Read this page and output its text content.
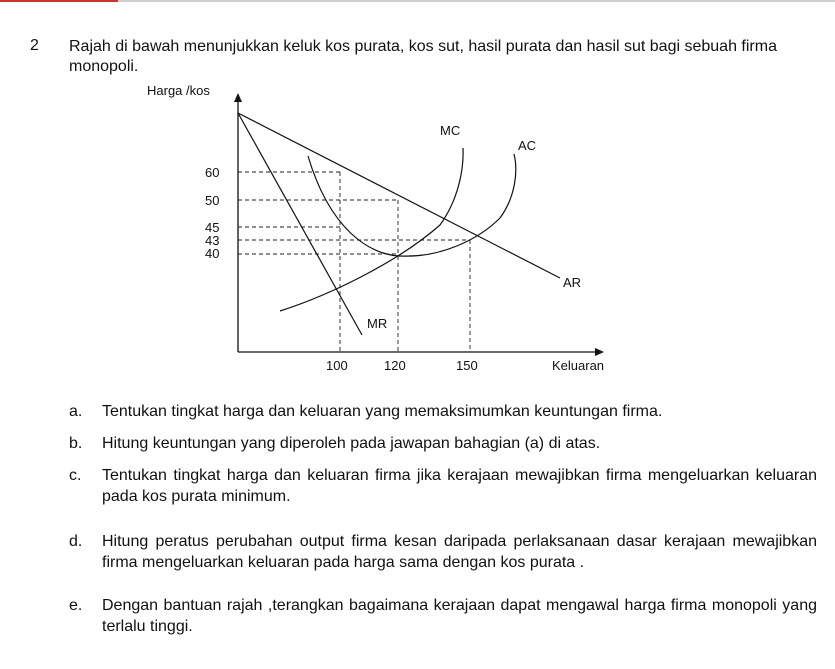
2 Rajah di bawah menunjukkan keluk kos purata, kos sut, hasil purata dan hasil sut bagi sebuah firma monopoli.
Harga /kos
Keluaran
60
50
45
43
40
100	120	150
MC
AC
AR
MR
a.	Tentukan tingkat harga dan keluaran yang memaksimumkan keuntungan firma.
b.	Hitung keuntungan yang diperoleh pada jawapan bahagian (a) di atas.
c.	Tentukan tingkat harga dan keluaran firma jika kerajaan mewajibkan firma mengeluarkan keluaran pada kos purata minimum.
d.	Hitung peratus perubahan output firma kesan daripada perlaksanaan dasar kerajaan mewajibkan firma mengeluarkan keluaran pada harga sama dengan kos purata .
e.	Dengan bantuan rajah ,terangkan bagaimana kerajaan dapat mengawal harga firma monopoli yang terlalu tinggi.
